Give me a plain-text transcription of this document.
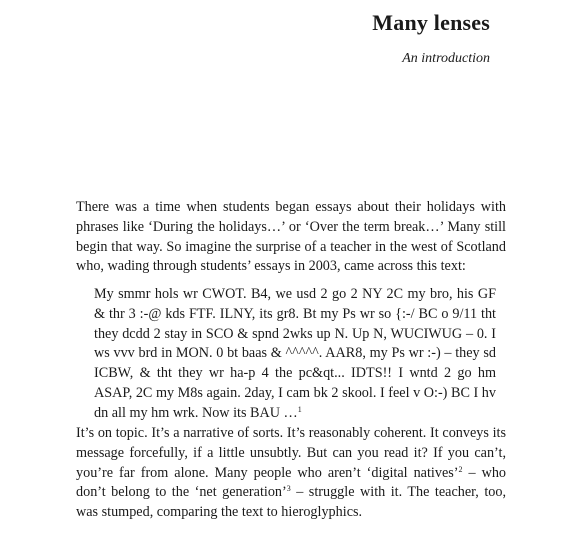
Many lenses
An introduction

There was a time when students began essays about their holidays with phrases like ‘During the holidays…’ or ‘Over the term break…’ Many still begin that way. So imagine the surprise of a teacher in the west of Scotland who, wading through students’ essays in 2003, came across this text:

My smmr hols wr CWOT. B4, we usd 2 go 2 NY 2C my bro, his GF & thr 3 :-@ kds FTF. ILNY, its gr8. Bt my Ps wr so {:-/ BC o 9/11 tht they dcdd 2 stay in SCO & spnd 2wks up N. Up N, WUCIWUG – 0. I ws vvv brd in MON. 0 bt baas & ^^^^^. AAR8, my Ps wr :-) – they sd ICBW, & tht they wr ha-p 4 the pc&qt... IDTS!! I wntd 2 go hm ASAP, 2C my M8s again. 2day, I cam bk 2 skool. I feel v O:-) BC I hv dn all my hm wrk. Now its BAU …$^1$

It’s on topic. It’s a narrative of sorts. It’s reasonably coherent. It conveys its message forcefully, if a little unsubtly. But can you read it? If you can’t, you’re far from alone. Many people who aren’t ‘digital natives’$^2$ – who don’t belong to the ‘net generation’$^3$ – struggle with it. The teacher, too, was stumped, comparing the text to hieroglyphics.
